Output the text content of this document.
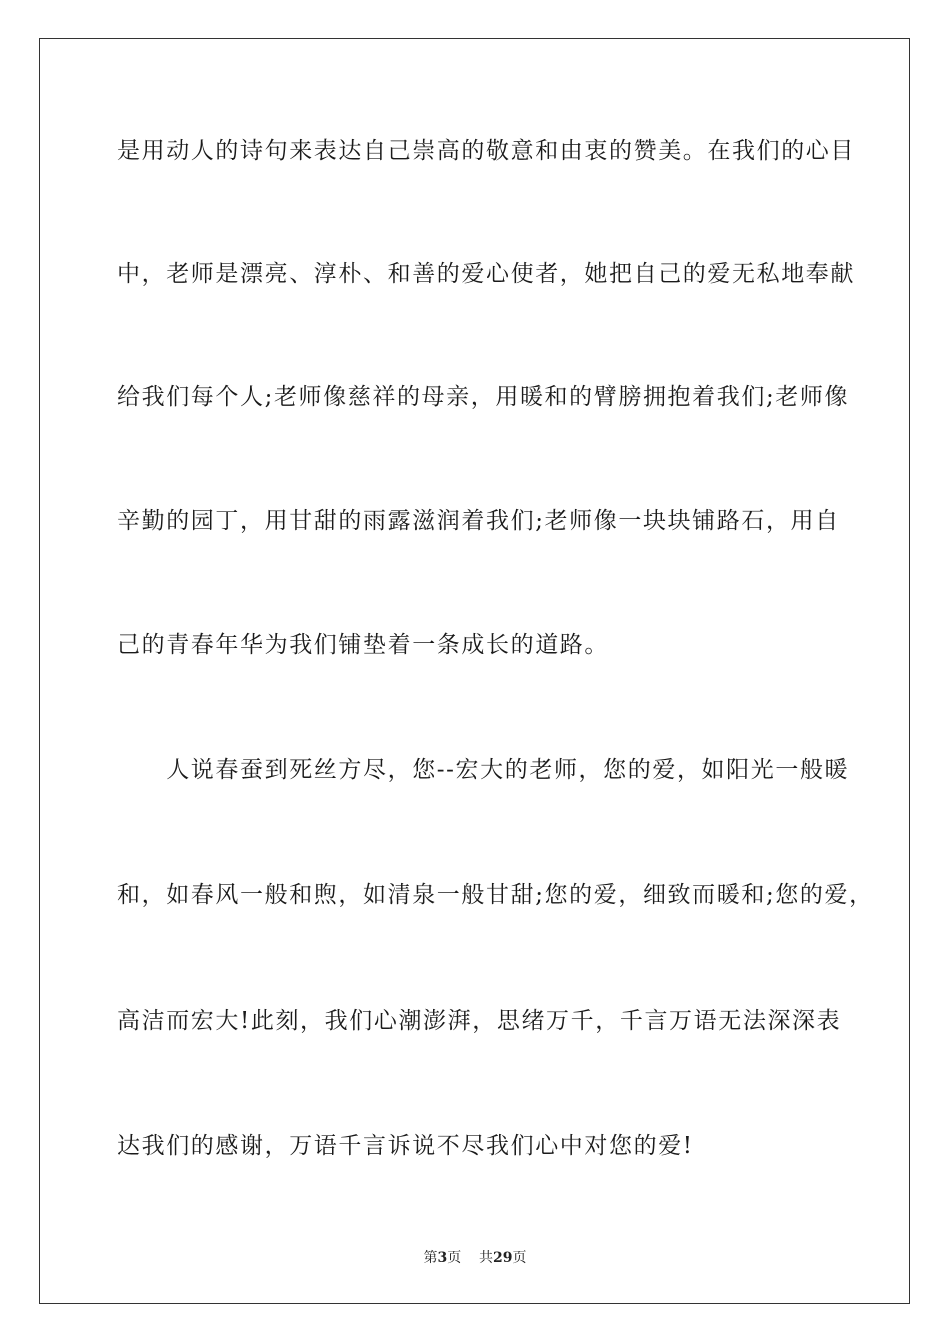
是用动人的诗句来表达自己崇高的敬意和由衷的赞美。在我们的心目
中，老师是漂亮、淳朴、和善的爱心使者，她把自己的爱无私地奉献
给我们每个人;老师像慈祥的母亲，用暖和的臂膀拥抱着我们;老师像
辛勤的园丁，用甘甜的雨露滋润着我们;老师像一块块铺路石，用自
己的青春年华为我们铺垫着一条成长的道路。
　　人说春蚕到死丝方尽，您--宏大的老师，您的爱，如阳光一般暖
和，如春风一般和煦，如清泉一般甘甜;您的爱，细致而暖和;您的爱，
高洁而宏大!此刻，我们心潮澎湃，思绪万千，千言万语无法深深表
达我们的感谢，万语千言诉说不尽我们心中对您的爱!
第3页 共29页
